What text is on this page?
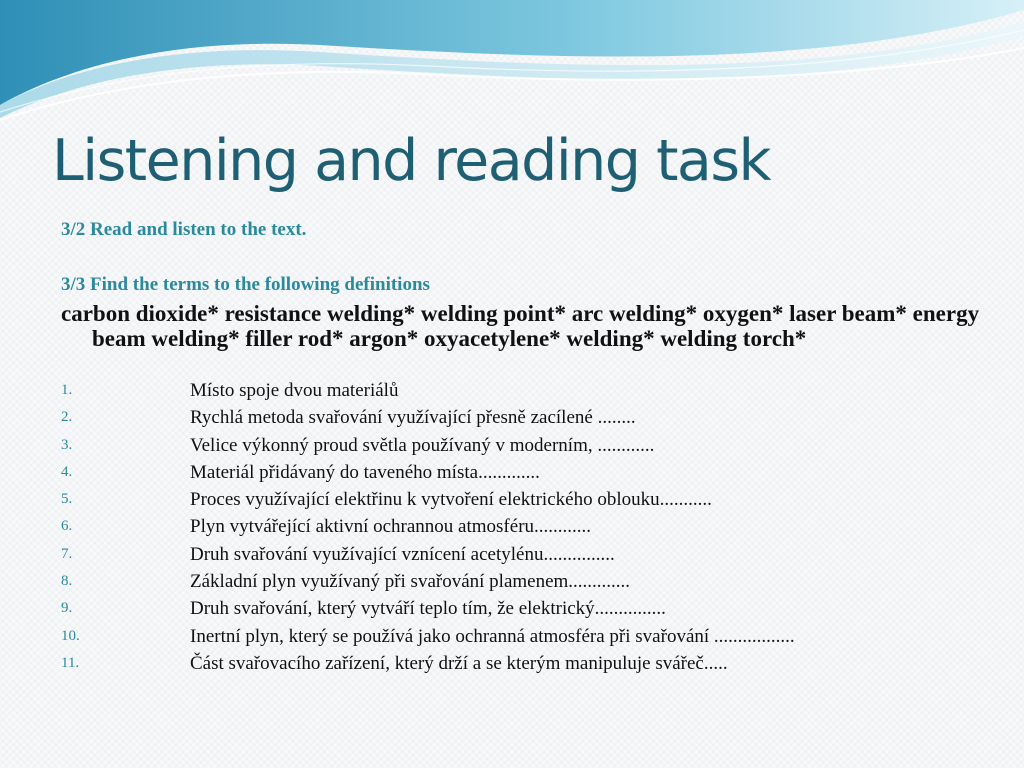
Listening and reading task

3/2 Read and listen to the text.

3/3 Find the terms to the following definitions

carbon dioxide* resistance welding* welding point* arc welding* oxygen* laser beam* energy beam welding* filler rod* argon* oxyacetylene* welding* welding torch*

1.	Místo spoje dvou materiálů
2.	Rychlá metoda svařování využívající přesně zacílené ........
3.	Velice výkonný proud světla používaný v moderním, ............
4.	Materiál přidávaný do taveného místa.............
5.	Proces využívající elektřinu k vytvoření elektrického oblouku...........
6.	Plyn vytvářející aktivní ochrannou atmosféru............
7.	Druh svařování využívající vznícení acetylénu...............
8.	Základní plyn využívaný při svařování plamenem.............
9.	Druh svařování, který vytváří teplo tím, že elektrický...............
10.	Inertní plyn, který se používá jako ochranná atmosféra při svařování .................
11.	Část svařovacího zařízení, který drží a se kterým manipuluje svářeč.....
